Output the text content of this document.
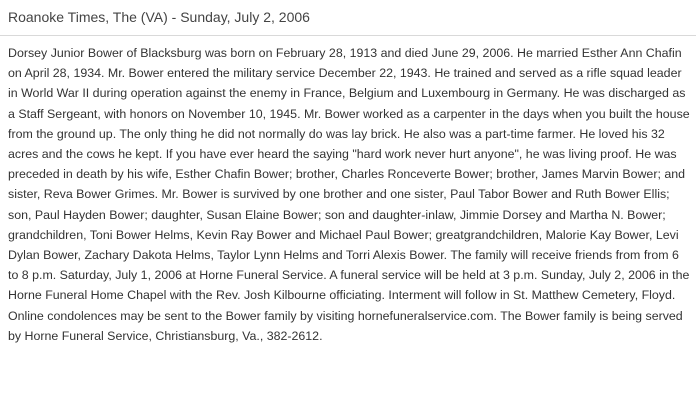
Roanoke Times, The (VA) - Sunday, July 2, 2006

Dorsey Junior Bower of Blacksburg was born on February 28, 1913 and died June 29, 2006. He married Esther Ann Chafin on April 28, 1934. Mr. Bower entered the military service December 22, 1943. He trained and served as a rifle squad leader in World War II during operation against the enemy in France, Belgium and Luxembourg in Germany. He was discharged as a Staff Sergeant, with honors on November 10, 1945. Mr. Bower worked as a carpenter in the days when you built the house from the ground up. The only thing he did not normally do was lay brick. He also was a part-time farmer. He loved his 32 acres and the cows he kept. If you have ever heard the saying "hard work never hurt anyone", he was living proof. He was preceded in death by his wife, Esther Chafin Bower; brother, Charles Ronceverte Bower; brother, James Marvin Bower; and sister, Reva Bower Grimes. Mr. Bower is survived by one brother and one sister, Paul Tabor Bower and Ruth Bower Ellis; son, Paul Hayden Bower; daughter, Susan Elaine Bower; son and daughter-inlaw, Jimmie Dorsey and Martha N. Bower; grandchildren, Toni Bower Helms, Kevin Ray Bower and Michael Paul Bower; greatgrandchildren, Malorie Kay Bower, Levi Dylan Bower, Zachary Dakota Helms, Taylor Lynn Helms and Torri Alexis Bower. The family will receive friends from from 6 to 8 p.m. Saturday, July 1, 2006 at Horne Funeral Service. A funeral service will be held at 3 p.m. Sunday, July 2, 2006 in the Horne Funeral Home Chapel with the Rev. Josh Kilbourne officiating. Interment will follow in St. Matthew Cemetery, Floyd. Online condolences may be sent to the Bower family by visiting hornefuneralservice.com. The Bower family is being served by Horne Funeral Service, Christiansburg, Va., 382-2612.
